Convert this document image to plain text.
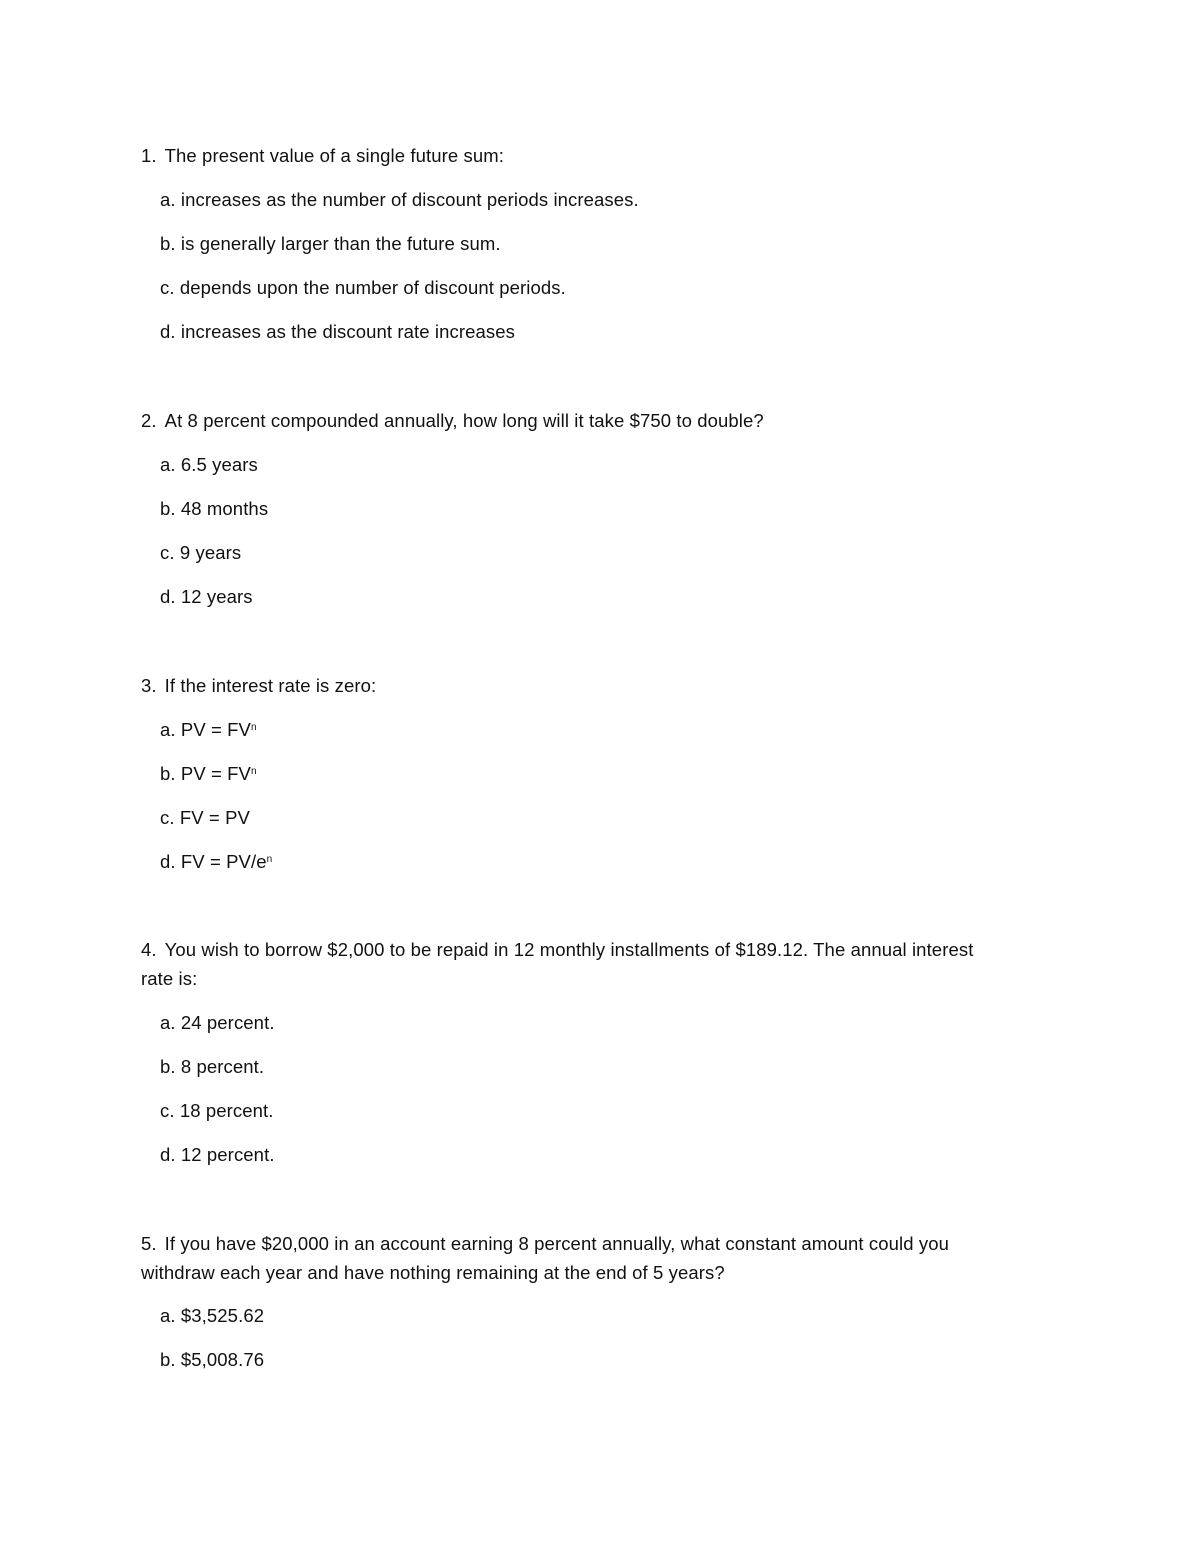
1. The present value of a single future sum:
a. increases as the number of discount periods increases.
b. is generally larger than the future sum.
c. depends upon the number of discount periods.
d. increases as the discount rate increases
2. At 8 percent compounded annually, how long will it take $750 to double?
a. 6.5 years
b. 48 months
c. 9 years
d. 12 years
3. If the interest rate is zero:
a. PV = $FV^n$
b. PV = $FV^n$
c. FV = PV
d. FV = $PV/e^n$
4. You wish to borrow $2,000 to be repaid in 12 monthly installments of $189.12. The annual interest
rate is:
a. 24 percent.
b. 8 percent.
c. 18 percent.
d. 12 percent.
5. If you have $20,000 in an account earning 8 percent annually, what constant amount could you
withdraw each year and have nothing remaining at the end of 5 years?
a. $3,525.62
b. $5,008.76
